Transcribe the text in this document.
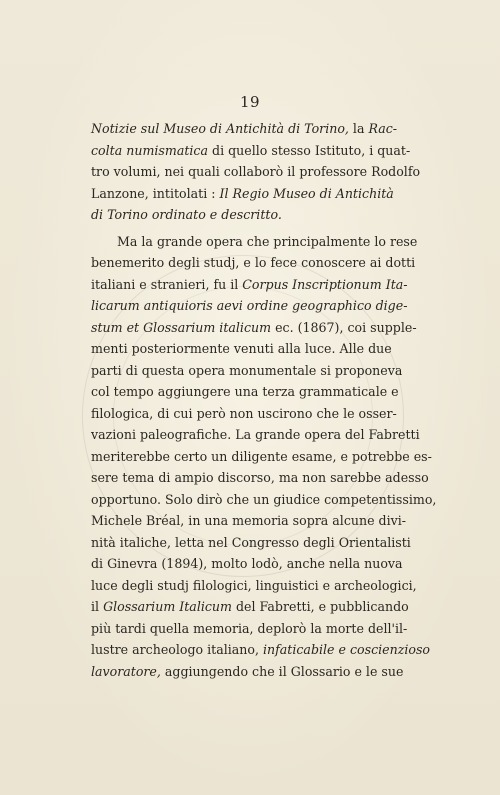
19
Notizie sul Museo di Antichità di Torino, la Rac-
colta numismatica di quello stesso Istituto, i quat-
tro volumi, nei quali collaborò il professore Rodolfo
Lanzone, intitolati : Il Regio Museo di Antichità
di Torino ordinato e descritto.
Ma la grande opera che principalmente lo rese
benemerito degli studj, e lo fece conoscere ai dotti
italiani e stranieri, fu il Corpus Inscriptionum Ita-
licarum antiquioris aevi ordine geographico dige-
stum et Glossarium italicum ec. (1867), coi supple-
menti posteriormente venuti alla luce. Alle due
parti di questa opera monumentale si proponeva
col tempo aggiungere una terza grammaticale e
filologica, di cui però non uscirono che le osser-
vazioni paleografiche. La grande opera del Fabretti
meriterebbe certo un diligente esame, e potrebbe es-
sere tema di ampio discorso, ma non sarebbe adesso
opportuno. Solo dirò che un giudice competentissimo,
Michele Bréal, in una memoria sopra alcune divi-
nità italiche, letta nel Congresso degli Orientalisti
di Ginevra (1894), molto lodò, anche nella nuova
luce degli studj filologici, linguistici e archeologici,
il Glossarium Italicum del Fabretti, e pubblicando
più tardi quella memoria, deplorò la morte dell'il-
lustre archeologo italiano, infaticabile e coscienzioso
lavoratore, aggiungendo che il Glossario e le sue
